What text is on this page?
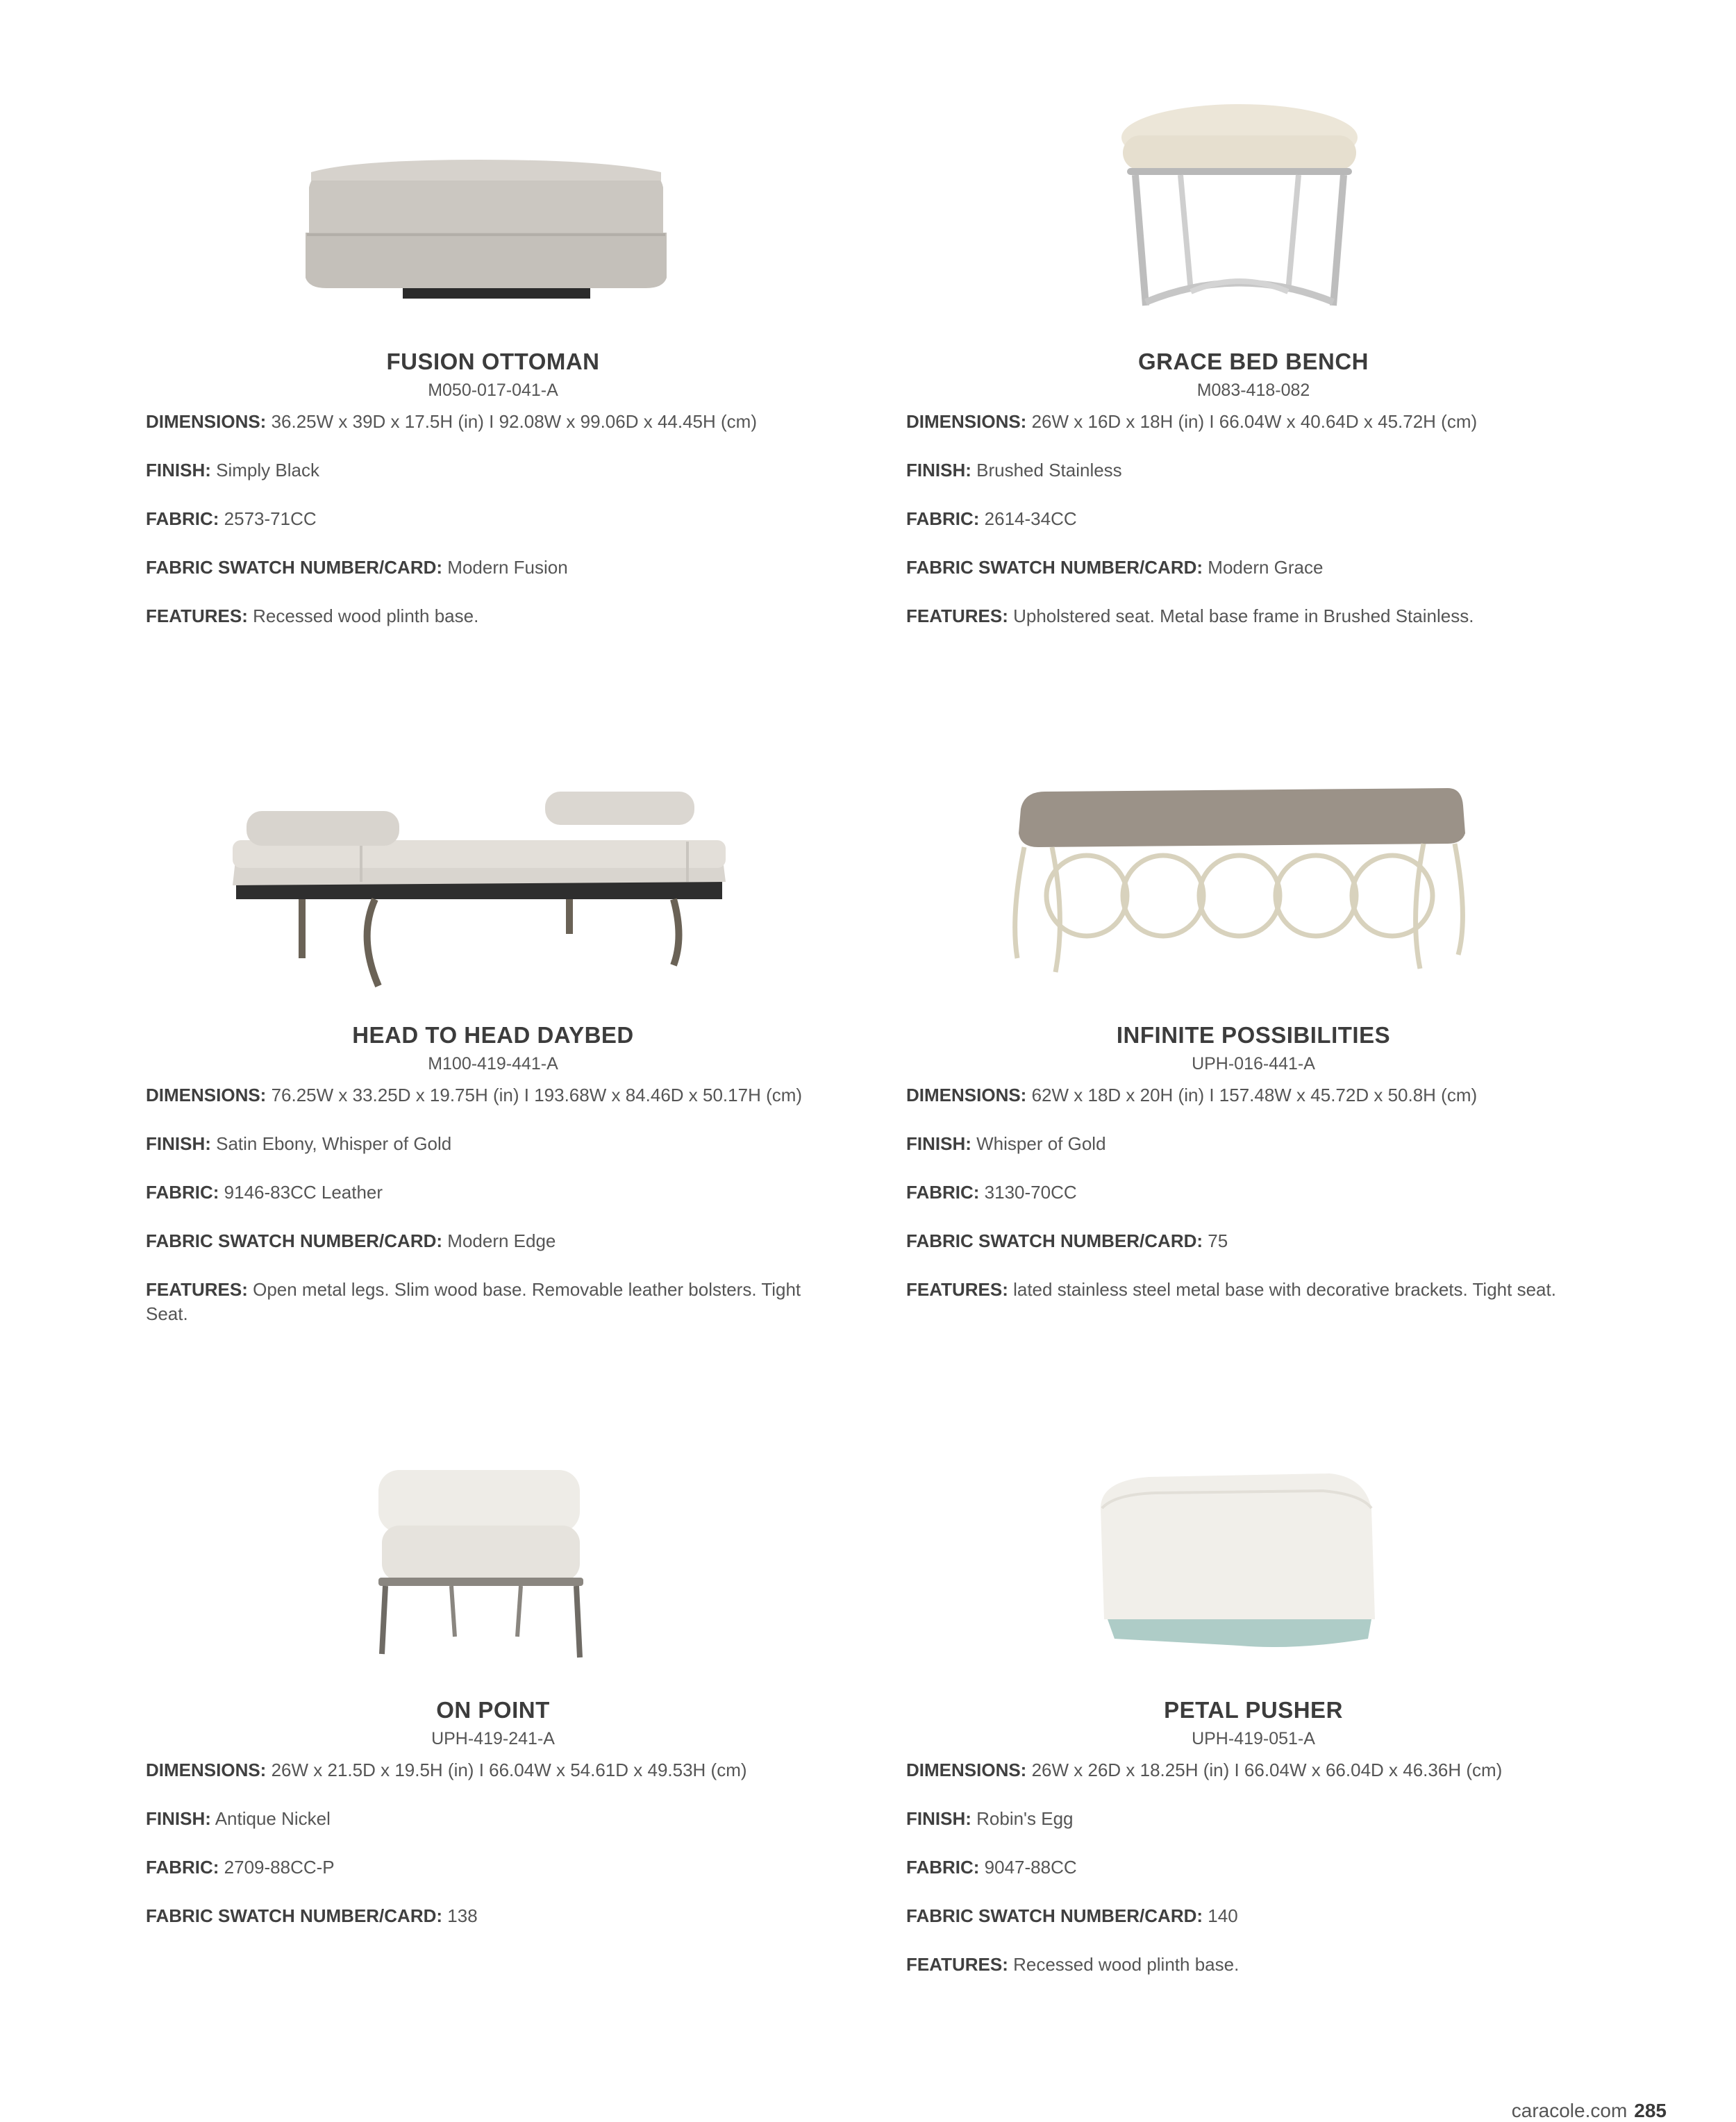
FUSION OTTOMAN
M050-017-041-A
DIMENSIONS: 36.25W x 39D x 17.5H (in) I 92.08W x 99.06D x 44.45H (cm)
FINISH: Simply Black
FABRIC: 2573-71CC
FABRIC SWATCH NUMBER/CARD: Modern Fusion
FEATURES: Recessed wood plinth base.
GRACE BED BENCH
M083-418-082
DIMENSIONS: 26W x 16D x 18H (in) I 66.04W x 40.64D x 45.72H (cm)
FINISH: Brushed Stainless
FABRIC: 2614-34CC
FABRIC SWATCH NUMBER/CARD: Modern Grace
FEATURES: Upholstered seat. Metal base frame in Brushed Stainless.
HEAD TO HEAD DAYBED
M100-419-441-A
DIMENSIONS: 76.25W x 33.25D x 19.75H (in) I 193.68W x 84.46D x 50.17H (cm)
FINISH: Satin Ebony, Whisper of Gold
FABRIC: 9146-83CC Leather
FABRIC SWATCH NUMBER/CARD: Modern Edge
FEATURES: Open metal legs. Slim wood base. Removable leather bolsters. Tight Seat.
INFINITE POSSIBILITIES
UPH-016-441-A
DIMENSIONS: 62W x 18D x 20H (in) I 157.48W x 45.72D x 50.8H (cm)
FINISH: Whisper of Gold
FABRIC: 3130-70CC
FABRIC SWATCH NUMBER/CARD: 75
FEATURES: lated stainless steel metal base with decorative brackets. Tight seat.
ON POINT
UPH-419-241-A
DIMENSIONS: 26W x 21.5D x 19.5H (in) I 66.04W x 54.61D x 49.53H (cm)
FINISH: Antique Nickel
FABRIC: 2709-88CC-P
FABRIC SWATCH NUMBER/CARD: 138
PETAL PUSHER
UPH-419-051-A
DIMENSIONS: 26W x 26D x 18.25H (in) I 66.04W x 66.04D x 46.36H (cm)
FINISH: Robin's Egg
FABRIC: 9047-88CC
FABRIC SWATCH NUMBER/CARD: 140
FEATURES: Recessed wood plinth base.
caracole.com 285
